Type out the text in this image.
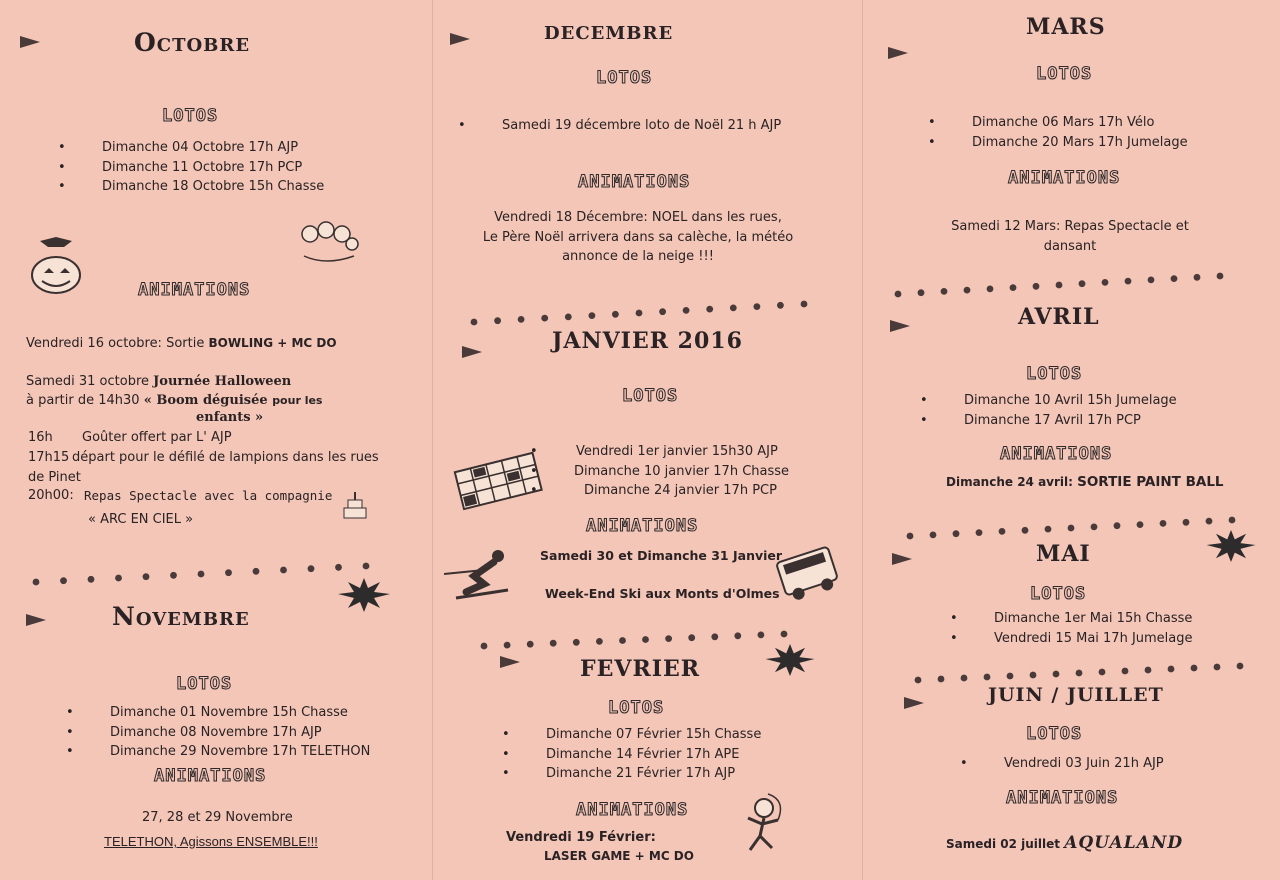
Octobre
LOTOS
• Dimanche 04 Octobre 17h AJP
• Dimanche 11 Octobre 17h PCP
• Dimanche 18 Octobre 15h Chasse
ANIMATIONS
Vendredi 16 octobre: Sortie BOWLING + MC DO
Samedi 31 octobre Journée Halloween
à partir de 14h30 « Boom déguisée pour les
enfants »
16h Goûter offert par L' AJP
17h15 départ pour le défilé de lampions dans les rues de Pinet
20h00: Repas Spectacle avec la compagnie
« ARC EN CIEL »
Novembre
LOTOS
• Dimanche 01 Novembre 15h Chasse
• Dimanche 08 Novembre 17h AJP
• Dimanche 29 Novembre 17h TELETHON
ANIMATIONS
27, 28 et 29 Novembre
TELETHON, Agissons ENSEMBLE!!!
decembre
LOTOS
• Samedi 19 décembre loto de Noël 21 h AJP
ANIMATIONS
Vendredi 18 Décembre: NOEL dans les rues,
Le Père Noël arrivera dans sa calèche, la météo
annonce de la neige !!!
JANVIER 2016
LOTOS
• Vendredi 1er janvier 15h30 AJP
• Dimanche 10 janvier 17h Chasse
• Dimanche 24 janvier 17h PCP
ANIMATIONS
Samedi 30 et Dimanche 31 Janvier
Week-End Ski aux Monts d'Olmes
FEVRIER
LOTOS
• Dimanche 07 Février 15h Chasse
• Dimanche 14 Février 17h APE
• Dimanche 21 Février 17h AJP
ANIMATIONS
Vendredi 19 Février:
LASER GAME + MC DO
MARS
LOTOS
• Dimanche 06 Mars 17h Vélo
• Dimanche 20 Mars 17h Jumelage
ANIMATIONS
Samedi 12 Mars: Repas Spectacle et
dansant
AVRIL
LOTOS
• Dimanche 10 Avril 15h Jumelage
• Dimanche 17 Avril 17h PCP
ANIMATIONS
Dimanche 24 avril: SORTIE PAINT BALL
MAI
LOTOS
• Dimanche 1er Mai 15h Chasse
• Vendredi 15 Mai 17h Jumelage
JUIN / JUILLET
LOTOS
• Vendredi 03 Juin 21h AJP
ANIMATIONS
Samedi 02 juillet AQUALAND
